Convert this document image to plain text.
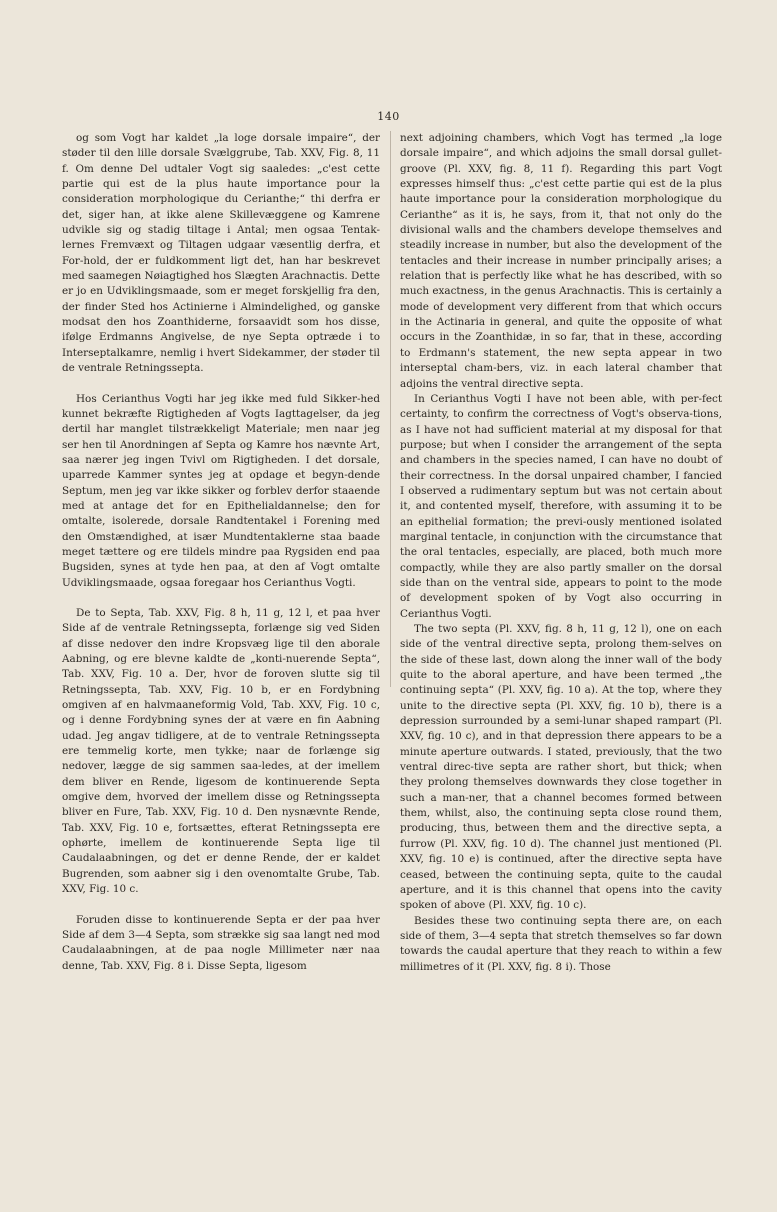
140

og som Vogt har kaldet „la loge dorsale impaire“, der støder til den lille dorsale Svælggrube, Tab. XXV, Fig. 8, 11 f. Om denne Del udtaler Vogt sig saaledes: „c'est cette partie qui est de la plus haute importance pour la consideration morphologique du Cerianthe;“ thi derfra er det, siger han, at ikke alene Skillevæggene og Kamrene udvikle sig og stadig tiltage i Antal; men ogsaa Tentak-lernes Fremvæxt og Tiltagen udgaar væsentlig derfra, et For-hold, der er fuldkomment ligt det, han har beskrevet med saamegen Nøiagtighed hos Slægten Arachnactis. Dette er jo en Udviklingsmaade, som er meget forskjellig fra den, der finder Sted hos Actinierne i Almindelighed, og ganske modsat den hos Zoanthiderne, forsaavidt som hos disse, ifølge Erdmanns Angivelse, de nye Septa optræde i to Interseptalkamre, nemlig i hvert Sidekammer, der støder til de ventrale Retningssepta.

Hos Cerianthus Vogti har jeg ikke med fuld Sikker-hed kunnet bekræfte Rigtigheden af Vogts Iagttagelser, da jeg dertil har manglet tilstrækkeligt Materiale; men naar jeg ser hen til Anordningen af Septa og Kamre hos nævnte Art, saa nærer jeg ingen Tvivl om Rigtigheden. I det dorsale, uparrede Kammer syntes jeg at opdage et begyn-dende Septum, men jeg var ikke sikker og forblev derfor staaende med at antage det for en Epithelialdannelse; den for omtalte, isolerede, dorsale Randtentakel i Forening med den Omstændighed, at især Mundtentaklerne staa baade meget tættere og ere tildels mindre paa Rygsiden end paa Bugsiden, synes at tyde hen paa, at den af Vogt omtalte Udviklingsmaade, ogsaa foregaar hos Cerianthus Vogti.

De to Septa, Tab. XXV, Fig. 8 h, 11 g, 12 l, et paa hver Side af de ventrale Retningssepta, forlænge sig ved Siden af disse nedover den indre Kropsvæg lige til den aborale Aabning, og ere blevne kaldte de „konti-nuerende Septa“, Tab. XXV, Fig. 10 a. Der, hvor de foroven slutte sig til Retningssepta, Tab. XXV, Fig. 10 b, er en Fordybning omgiven af en halvmaaneformig Vold, Tab. XXV, Fig. 10 c, og i denne Fordybning synes der at være en fin Aabning udad. Jeg angav tidligere, at de to ventrale Retningssepta ere temmelig korte, men tykke; naar de forlænge sig nedover, lægge de sig sammen saa-ledes, at der imellem dem bliver en Rende, ligesom de kontinuerende Septa omgive dem, hvorved der imellem disse og Retningssepta bliver en Fure, Tab. XXV, Fig. 10 d. Den nysnævnte Rende, Tab. XXV, Fig. 10 e, fortsættes, efterat Retningssepta ere ophørte, imellem de kontinuerende Septa lige til Caudalaabningen, og det er denne Rende, der er kaldet Bugrenden, som aabner sig i den ovenomtalte Grube, Tab. XXV, Fig. 10 c.

Foruden disse to kontinuerende Septa er der paa hver Side af dem 3—4 Septa, som strække sig saa langt ned mod Caudalaabningen, at de paa nogle Millimeter nær naa denne, Tab. XXV, Fig. 8 i. Disse Septa, ligesom

next adjoining chambers, which Vogt has termed „la loge dorsale impaire“, and which adjoins the small dorsal gullet-groove (Pl. XXV, fig. 8, 11 f). Regarding this part Vogt expresses himself thus: „c'est cette partie qui est de la plus haute importance pour la consideration morphologique du Cerianthe“ as it is, he says, from it, that not only do the divisional walls and the chambers develope themselves and steadily increase in number, but also the development of the tentacles and their increase in number principally arises; a relation that is perfectly like what he has described, with so much exactness, in the genus Arachnactis. This is certainly a mode of development very different from that which occurs in the Actinaria in general, and quite the opposite of what occurs in the Zoanthidæ, in so far, that in these, according to Erdmann's statement, the new septa appear in two interseptal cham-bers, viz. in each lateral chamber that adjoins the ventral directive septa.

In Cerianthus Vogti I have not been able, with per-fect certainty, to confirm the correctness of Vogt's observa-tions, as I have not had sufficient material at my disposal for that purpose; but when I consider the arrangement of the septa and chambers in the species named, I can have no doubt of their correctness. In the dorsal unpaired chamber, I fancied I observed a rudimentary septum but was not certain about it, and contented myself, therefore, with assuming it to be an epithelial formation; the previ-ously mentioned isolated marginal tentacle, in conjunction with the circumstance that the oral tentacles, especially, are placed, both much more compactly, while they are also partly smaller on the dorsal side than on the ventral side, appears to point to the mode of development spoken of by Vogt also occurring in Cerianthus Vogti.

The two septa (Pl. XXV, fig. 8 h, 11 g, 12 l), one on each side of the ventral directive septa, prolong them-selves on the side of these last, down along the inner wall of the body quite to the aboral aperture, and have been termed „the continuing septa“ (Pl. XXV, fig. 10 a). At the top, where they unite to the directive septa (Pl. XXV, fig. 10 b), there is a depression surrounded by a semi-lunar shaped rampart (Pl. XXV, fig. 10 c), and in that depression there appears to be a minute aperture outwards. I stated, previously, that the two ventral direc-tive septa are rather short, but thick; when they prolong themselves downwards they close together in such a man-ner, that a channel becomes formed between them, whilst, also, the continuing septa close round them, producing, thus, between them and the directive septa, a furrow (Pl. XXV, fig. 10 d). The channel just mentioned (Pl. XXV, fig. 10 e) is continued, after the directive septa have ceased, between the continuing septa, quite to the caudal aperture, and it is this channel that opens into the cavity spoken of above (Pl. XXV, fig. 10 c).

Besides these two continuing septa there are, on each side of them, 3—4 septa that stretch themselves so far down towards the caudal aperture that they reach to within a few millimetres of it (Pl. XXV, fig. 8 i). Those
